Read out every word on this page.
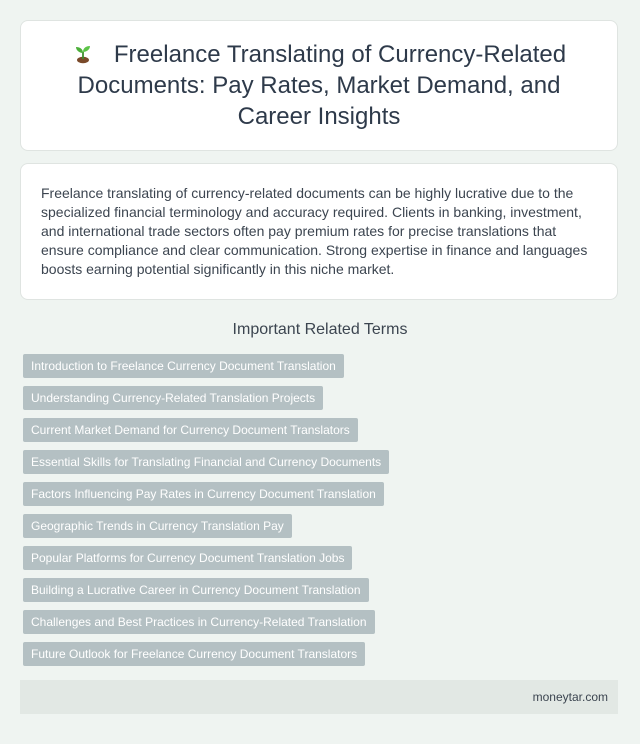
Freelance Translating of Currency-Related Documents: Pay Rates, Market Demand, and Career Insights

Freelance translating of currency-related documents can be highly lucrative due to the specialized financial terminology and accuracy required. Clients in banking, investment, and international trade sectors often pay premium rates for precise translations that ensure compliance and clear communication. Strong expertise in finance and languages boosts earning potential significantly in this niche market.

Important Related Terms
Introduction to Freelance Currency Document Translation
Understanding Currency-Related Translation Projects
Current Market Demand for Currency Document Translators
Essential Skills for Translating Financial and Currency Documents
Factors Influencing Pay Rates in Currency Document Translation
Geographic Trends in Currency Translation Pay
Popular Platforms for Currency Document Translation Jobs
Building a Lucrative Career in Currency Document Translation
Challenges and Best Practices in Currency-Related Translation
Future Outlook for Freelance Currency Document Translators
moneytar.com
